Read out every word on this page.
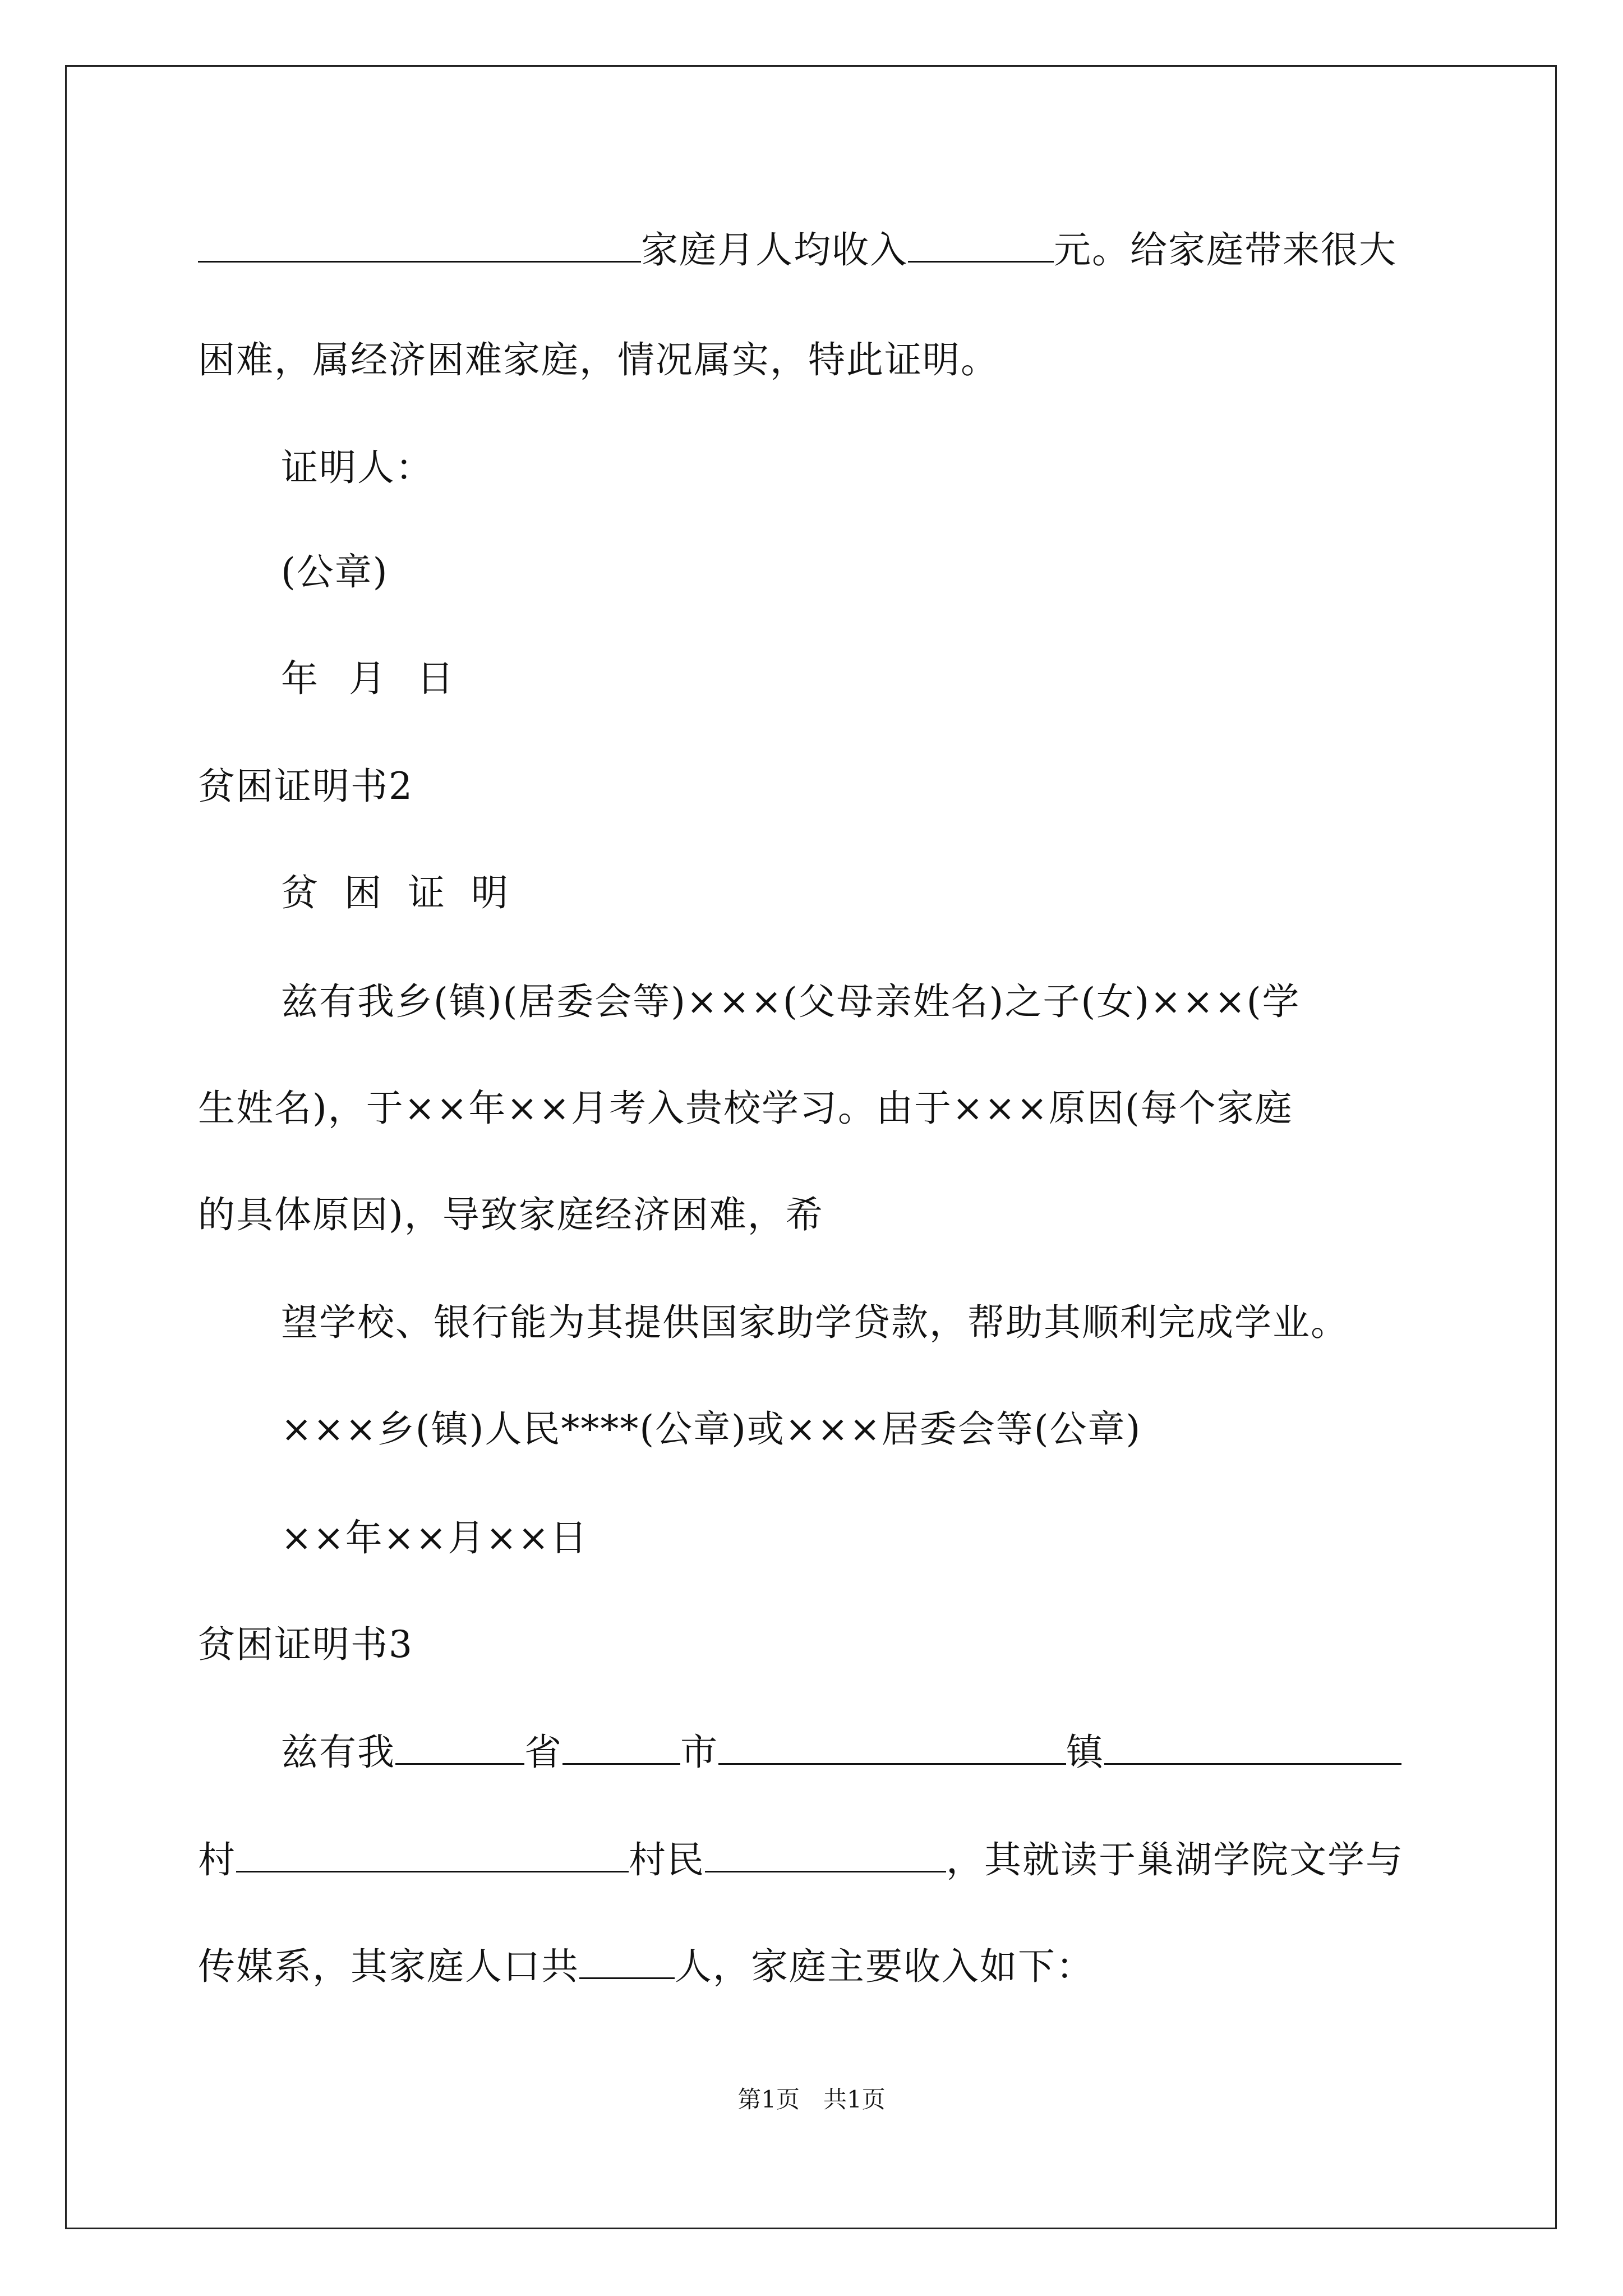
家庭月人均收入	元。给家庭带来很大
困难，属经济困难家庭，情况属实，特此证明。
证明人：
(公章)
年 月 日
贫困证明书2
贫 困 证 明
兹有我乡(镇)(居委会等)×××(父母亲姓名)之子(女)×××(学
生姓名)，于××年××月考入贵校学习。由于×××原因(每个家庭
的具体原因)，导致家庭经济困难，希
望学校、银行能为其提供国家助学贷款，帮助其顺利完成学业。
×××乡(镇)人民****(公章)或×××居委会等(公章)
××年××月××日
贫困证明书3
兹有我	省	市	镇
村	村民	，其就读于巢湖学院文学与
传媒系，其家庭人口共	人，家庭主要收入如下：
第1页　共1页
